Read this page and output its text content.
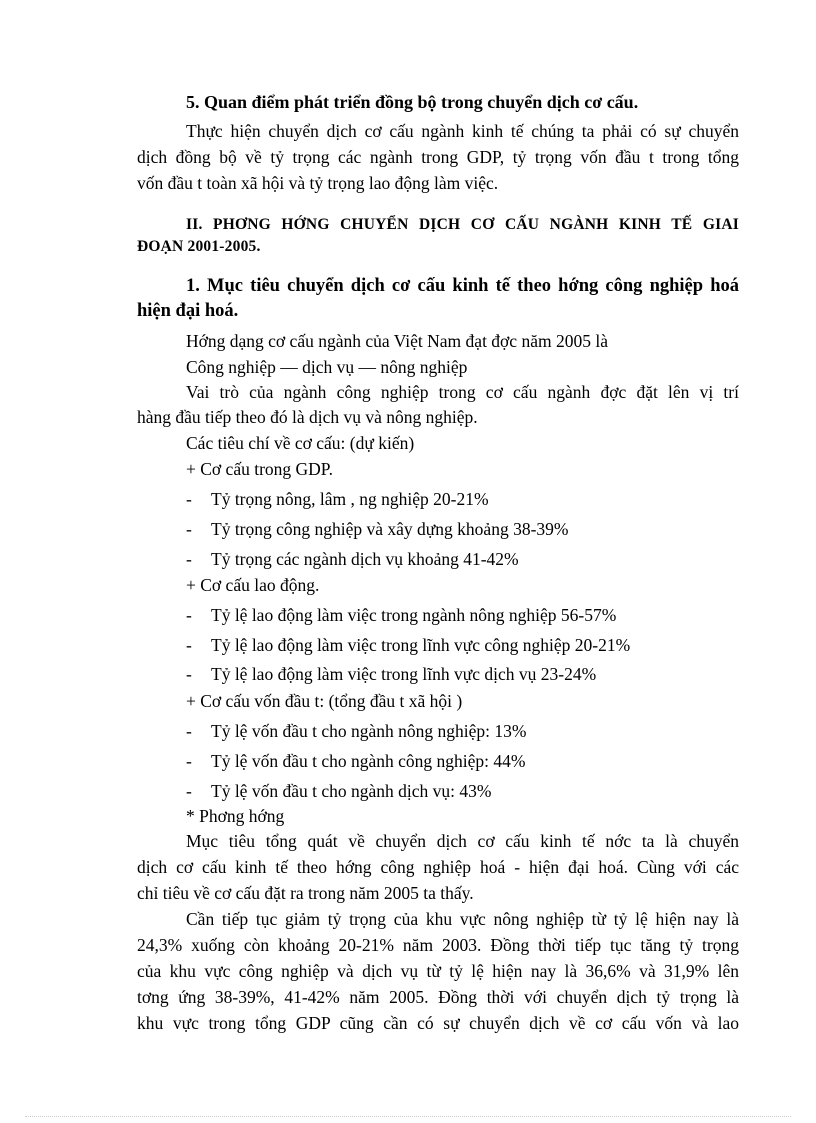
5. Quan điểm phát triển đồng bộ trong chuyển dịch cơ cấu.
Thực hiện chuyển dịch cơ cấu ngành kinh tế chúng ta phải có sự chuyển
dịch đồng bộ về tỷ trọng các ngành trong GDP, tỷ trọng vốn đầu t trong tổng
vốn đầu t toàn xã hội và tỷ trọng lao động làm việc.
II. PHƠNG HỚNG CHUYỂN DỊCH CƠ CẤU NGÀNH KINH TẾ GIAI
ĐOẠN 2001-2005.
1. Mục tiêu chuyển dịch cơ cấu kinh tế theo hớng công nghiệp hoá
hiện đại hoá.
Hớng dạng cơ cấu ngành của Việt Nam đạt đợc năm 2005 là
Công nghiệp — dịch vụ — nông nghiệp
Vai trò của ngành công nghiệp trong cơ cấu ngành đợc đặt lên vị trí
hàng đầu tiếp theo đó là dịch vụ và nông nghiệp.
Các tiêu chí về cơ cấu: (dự kiến)
+ Cơ cấu trong GDP.
- Tỷ trọng nông, lâm , ng nghiệp 20-21%
- Tỷ trọng công nghiệp và xây dựng khoảng 38-39%
- Tỷ trọng các ngành dịch vụ khoảng 41-42%
+ Cơ cấu lao động.
- Tỷ lệ lao động làm việc trong ngành nông nghiệp 56-57%
- Tỷ lệ lao động làm việc trong lĩnh vực công nghiệp 20-21%
- Tỷ lệ lao động làm việc trong lĩnh vực dịch vụ 23-24%
+ Cơ cấu vốn đầu t: (tổng đầu t xã hội )
- Tỷ lệ vốn đầu t cho ngành nông nghiệp: 13%
- Tỷ lệ vốn đầu t cho ngành công nghiệp: 44%
- Tỷ lệ vốn đầu t cho ngành dịch vụ: 43%
* Phơng hớng
Mục tiêu tổng quát về chuyển dịch cơ cấu kinh tế nớc ta là chuyển
dịch cơ cấu kinh tế theo hớng công nghiệp hoá - hiện đại hoá. Cùng với các
chỉ tiêu về cơ cấu đặt ra trong năm 2005 ta thấy.
Cần tiếp tục giảm tỷ trọng của khu vực nông nghiệp từ tỷ lệ hiện nay là
24,3% xuống còn khoảng 20-21% năm 2003. Đồng thời tiếp tục tăng tỷ trọng
của khu vực công nghiệp và dịch vụ từ tỷ lệ hiện nay là 36,6% và 31,9% lên
tơng ứng 38-39%, 41-42% năm 2005. Đồng thời với chuyển dịch tỷ trọng là
khu vực trong tổng GDP cũng cần có sự chuyển dịch về cơ cấu vốn và lao
